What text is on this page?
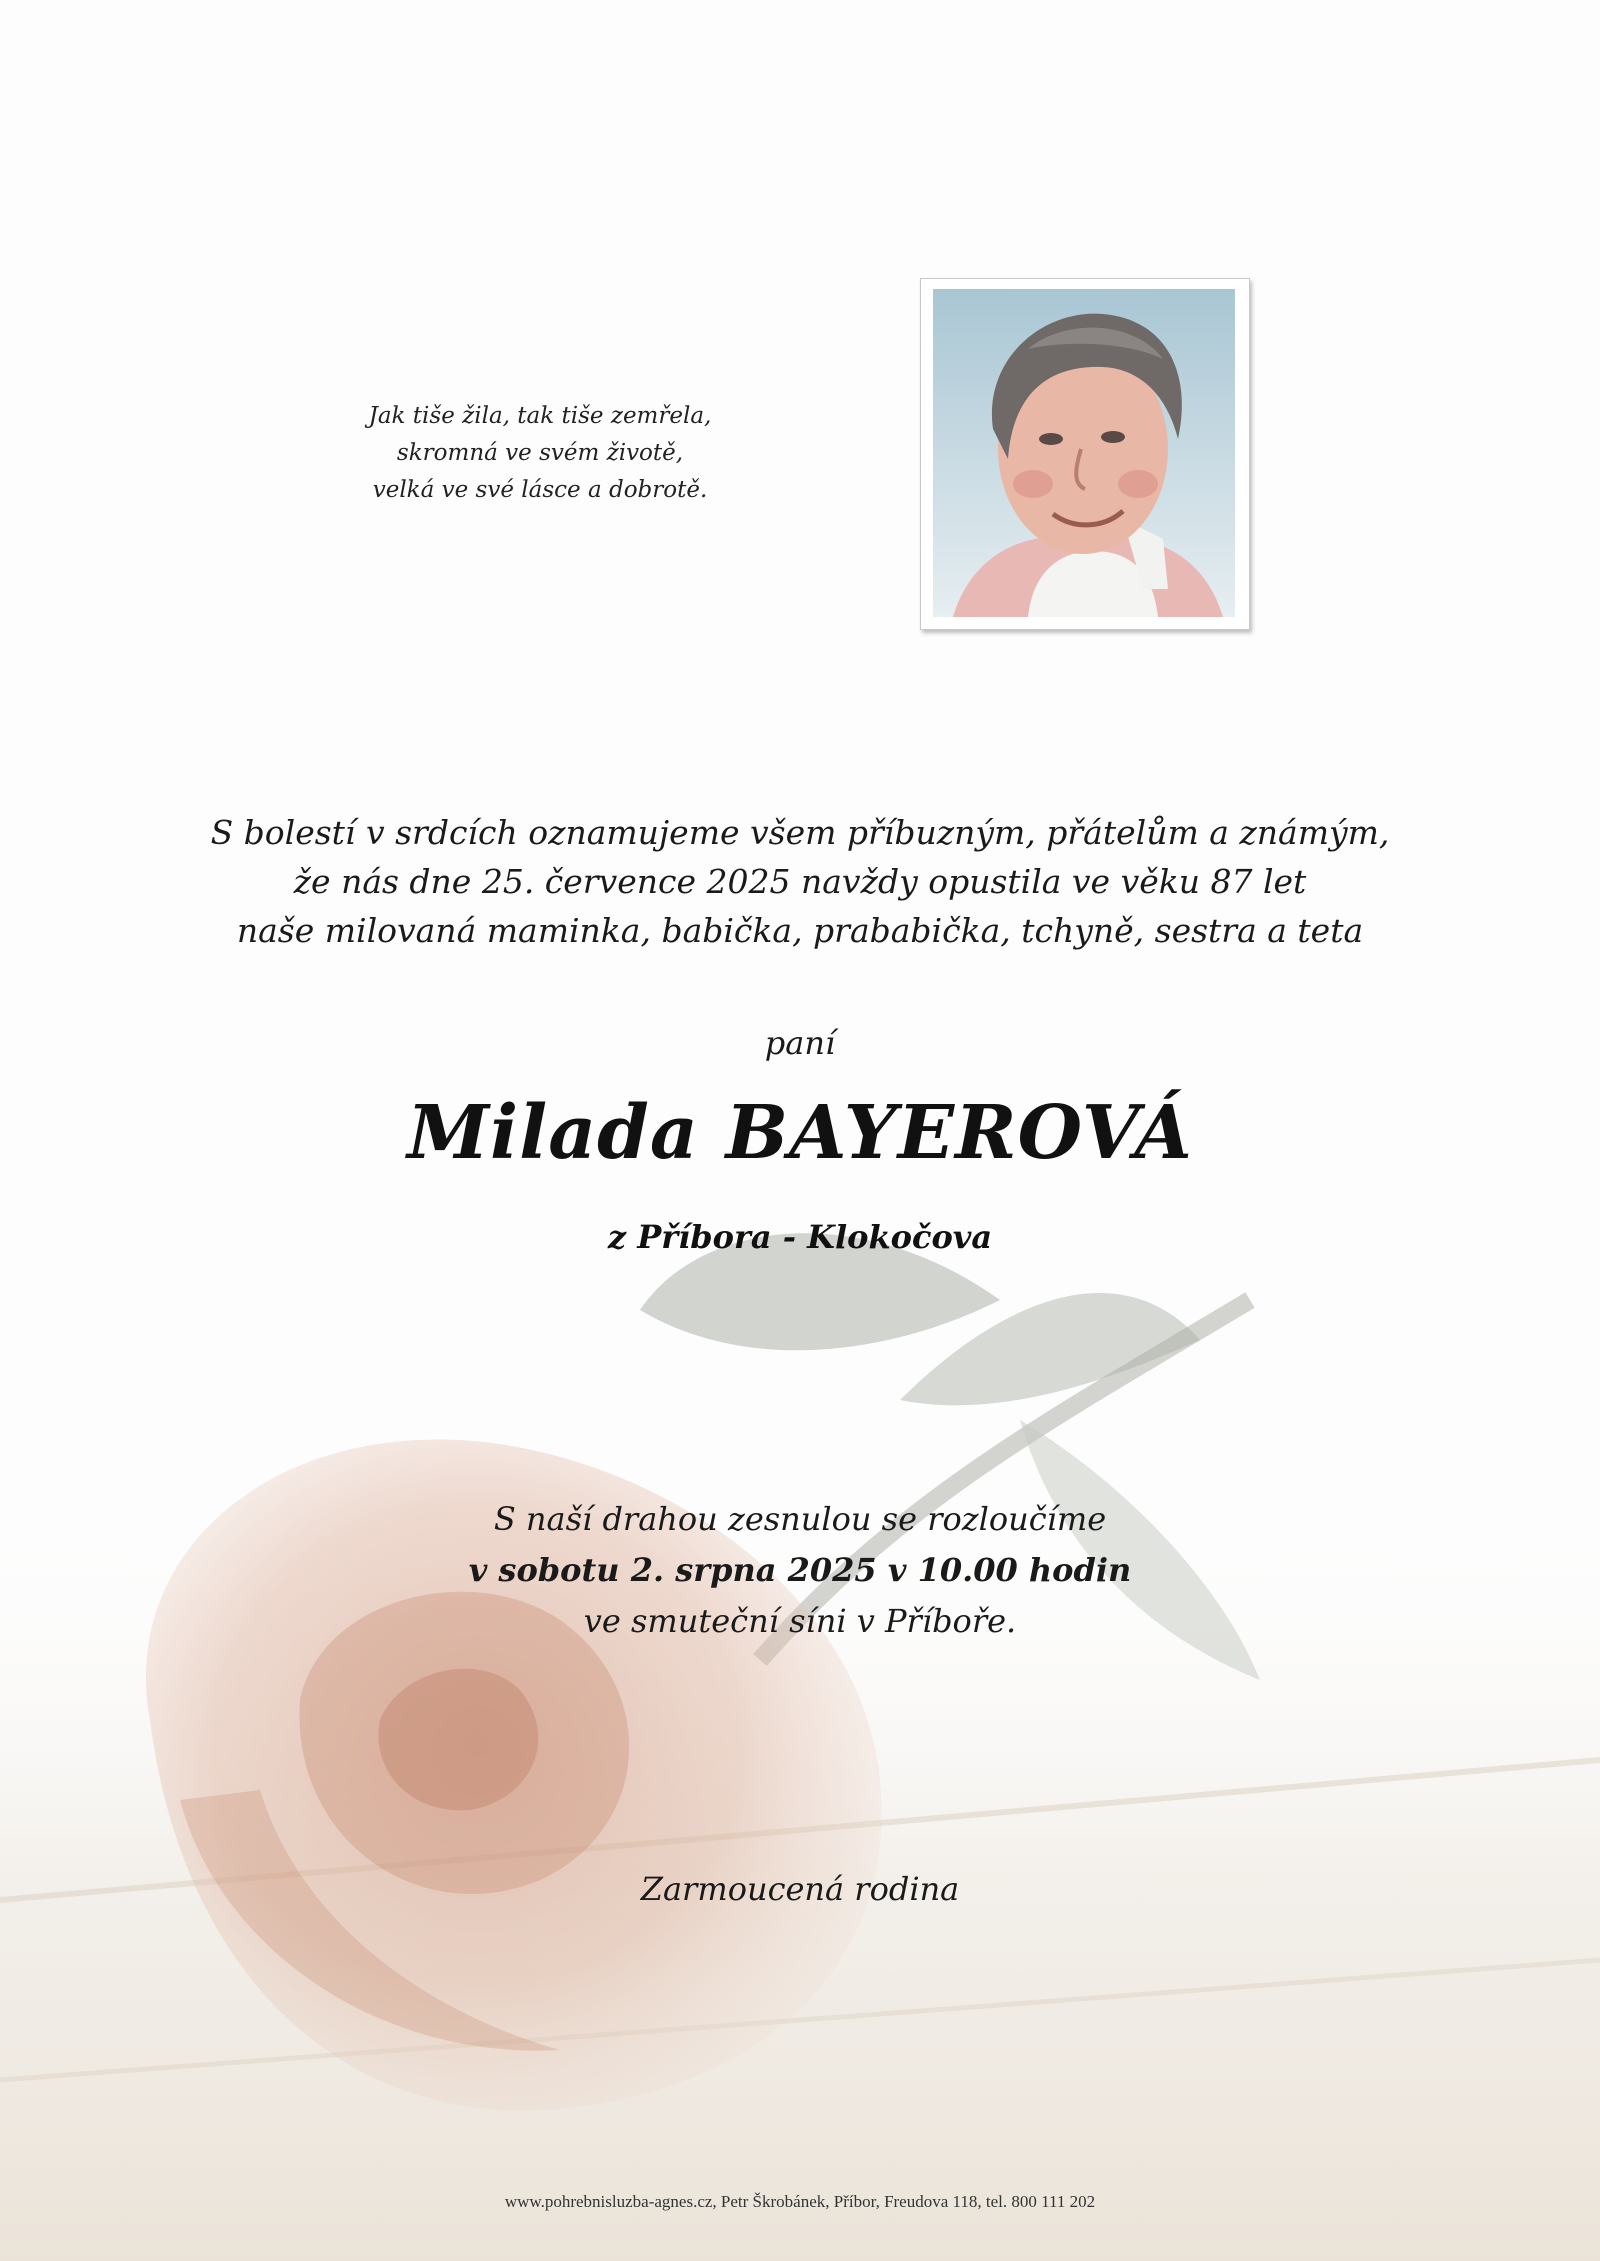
Jak tiše žila, tak tiše zemřela,
skromná ve svém životě,
velká ve své lásce a dobrotě.
S bolestí v srdcích oznamujeme všem příbuzným, přátelům a známým,
že nás dne 25. července 2025 navždy opustila ve věku 87 let
naše milovaná maminka, babička, prababička, tchyně, sestra a teta
paní
Milada BAYEROVÁ
z Příbora - Klokočova
S naší drahou zesnulou se rozloučíme
v sobotu 2. srpna 2025 v 10.00 hodin
ve smuteční síni v Příboře.
Zarmoucená rodina
www.pohrebnisluzba-agnes.cz, Petr Škrobánek, Příbor, Freudova 118, tel. 800 111 202
